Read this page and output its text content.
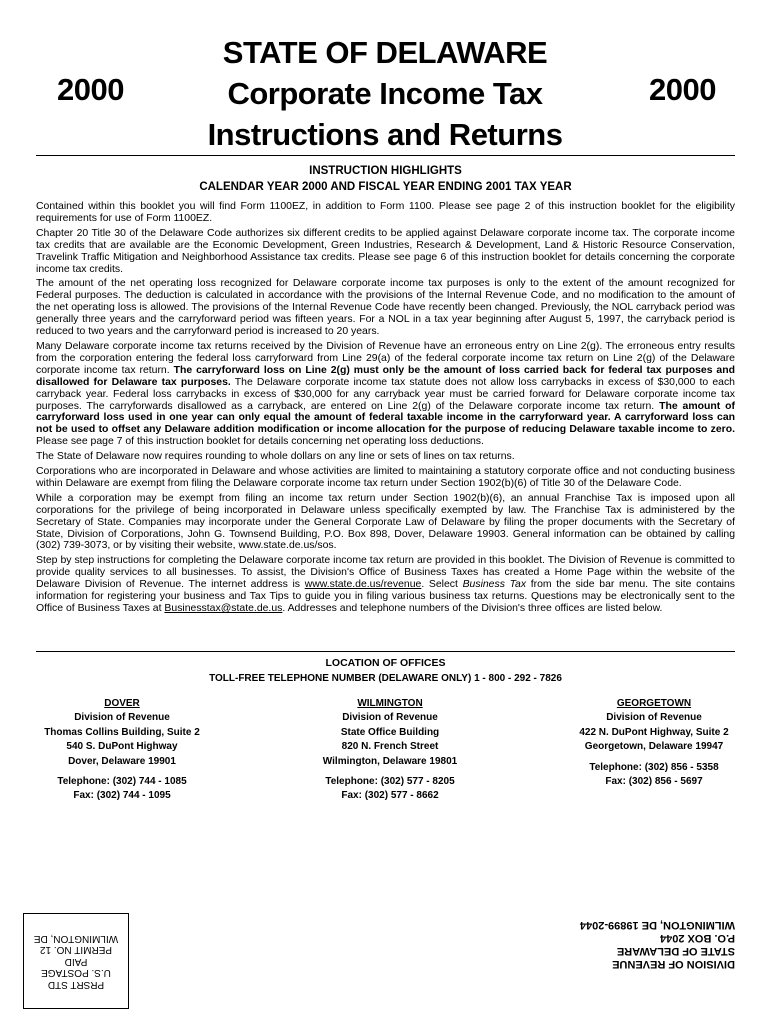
2000
STATE OF DELAWARE
Corporate Income Tax
Instructions and Returns
2000
INSTRUCTION HIGHLIGHTS
CALENDAR YEAR 2000 AND FISCAL YEAR ENDING 2001 TAX YEAR

Contained within this booklet you will find Form 1100EZ, in addition to Form 1100. Please see page 2 of this instruction booklet for the eligibility requirements for use of Form 1100EZ.

Chapter 20 Title 30 of the Delaware Code authorizes six different credits to be applied against Delaware corporate income tax. The corporate income tax credits that are available are the Economic Development, Green Industries, Research & Development, Land & Historic Resource Conservation, Travelink Traffic Mitigation and Neighborhood Assistance tax credits. Please see page 6 of this instruction booklet for details concerning the corporate income tax credits.

The amount of the net operating loss recognized for Delaware corporate income tax purposes is only to the extent of the amount recognized for Federal purposes. The deduction is calculated in accordance with the provisions of the Internal Revenue Code, and no modification to the amount of the net operating loss is allowed. The provisions of the Internal Revenue Code have recently been changed. Previously, the NOL carryback period was generally three years and the carryforward period was fifteen years. For a NOL in a tax year beginning after August 5, 1997, the carryback period is reduced to two years and the carryforward period is increased to 20 years.

Many Delaware corporate income tax returns received by the Division of Revenue have an erroneous entry on Line 2(g). The erroneous entry results from the corporation entering the federal loss carryforward from Line 29(a) of the federal corporate income tax return on Line 2(g) of the Delaware corporate income tax return. The carryforward loss on Line 2(g) must only be the amount of loss carried back for federal tax purposes and disallowed for Delaware tax purposes. The Delaware corporate income tax statute does not allow loss carrybacks in excess of $30,000 to each carryback year. Federal loss carrybacks in excess of $30,000 for any carryback year must be carried forward for Delaware corporate income tax purposes. The carryforwards disallowed as a carryback, are entered on Line 2(g) of the Delaware corporate income tax return. The amount of carryforward loss used in one year can only equal the amount of federal taxable income in the carryforward year. A carryforward loss can not be used to offset any Delaware addition modification or income allocation for the purpose of reducing Delaware taxable income to zero. Please see page 7 of this instruction booklet for details concerning net operating loss deductions.

The State of Delaware now requires rounding to whole dollars on any line or sets of lines on tax returns.

Corporations who are incorporated in Delaware and whose activities are limited to maintaining a statutory corporate office and not conducting business within Delaware are exempt from filing the Delaware corporate income tax return under Section 1902(b)(6) of Title 30 of the Delaware Code.

While a corporation may be exempt from filing an income tax return under Section 1902(b)(6), an annual Franchise Tax is imposed upon all corporations for the privilege of being incorporated in Delaware unless specifically exempted by law. The Franchise Tax is administered by the Secretary of State. Companies may incorporate under the General Corporate Law of Delaware by filing the proper documents with the Secretary of State, Division of Corporations, John G. Townsend Building, P.O. Box 898, Dover, Delaware 19903. General information can be obtained by calling (302) 739-3073, or by visiting their website, www.state.de.us/sos.

Step by step instructions for completing the Delaware corporate income tax return are provided in this booklet. The Division of Revenue is committed to provide quality services to all businesses. To assist, the Division's Office of Business Taxes has created a Home Page within the website of the Delaware Division of Revenue. The internet address is www.state.de.us/revenue. Select Business Tax from the side bar menu. The site contains information for registering your business and Tax Tips to guide you in filing various business tax returns. Questions may be electronically sent to the Office of Business Taxes at Businesstax@state.de.us. Addresses and telephone numbers of the Division's three offices are listed below.

LOCATION OF OFFICES
TOLL-FREE TELEPHONE NUMBER (DELAWARE ONLY) 1 - 800 - 292 - 7826
DOVER
Division of Revenue
Thomas Collins Building, Suite 2
540 S. DuPont Highway
Dover, Delaware 19901
Telephone: (302) 744 - 1085
Fax: (302) 744 - 1095
WILMINGTON
Division of Revenue
State Office Building
820 N. French Street
Wilmington, Delaware 19801
Telephone: (302) 577 - 8205
Fax: (302) 577 - 8662
GEORGETOWN
Division of Revenue
422 N. DuPont Highway, Suite 2
Georgetown, Delaware 19947
Telephone: (302) 856 - 5358
Fax: (302) 856 - 5697
PRSRT STD
U.S. POSTAGE
PAID
PERMIT NO. 12
WILMINGTON, DE
DIVISION OF REVENUE
STATE OF DELAWARE
P.O. BOX 2044
WILMINGTON, DE 19899-2044
